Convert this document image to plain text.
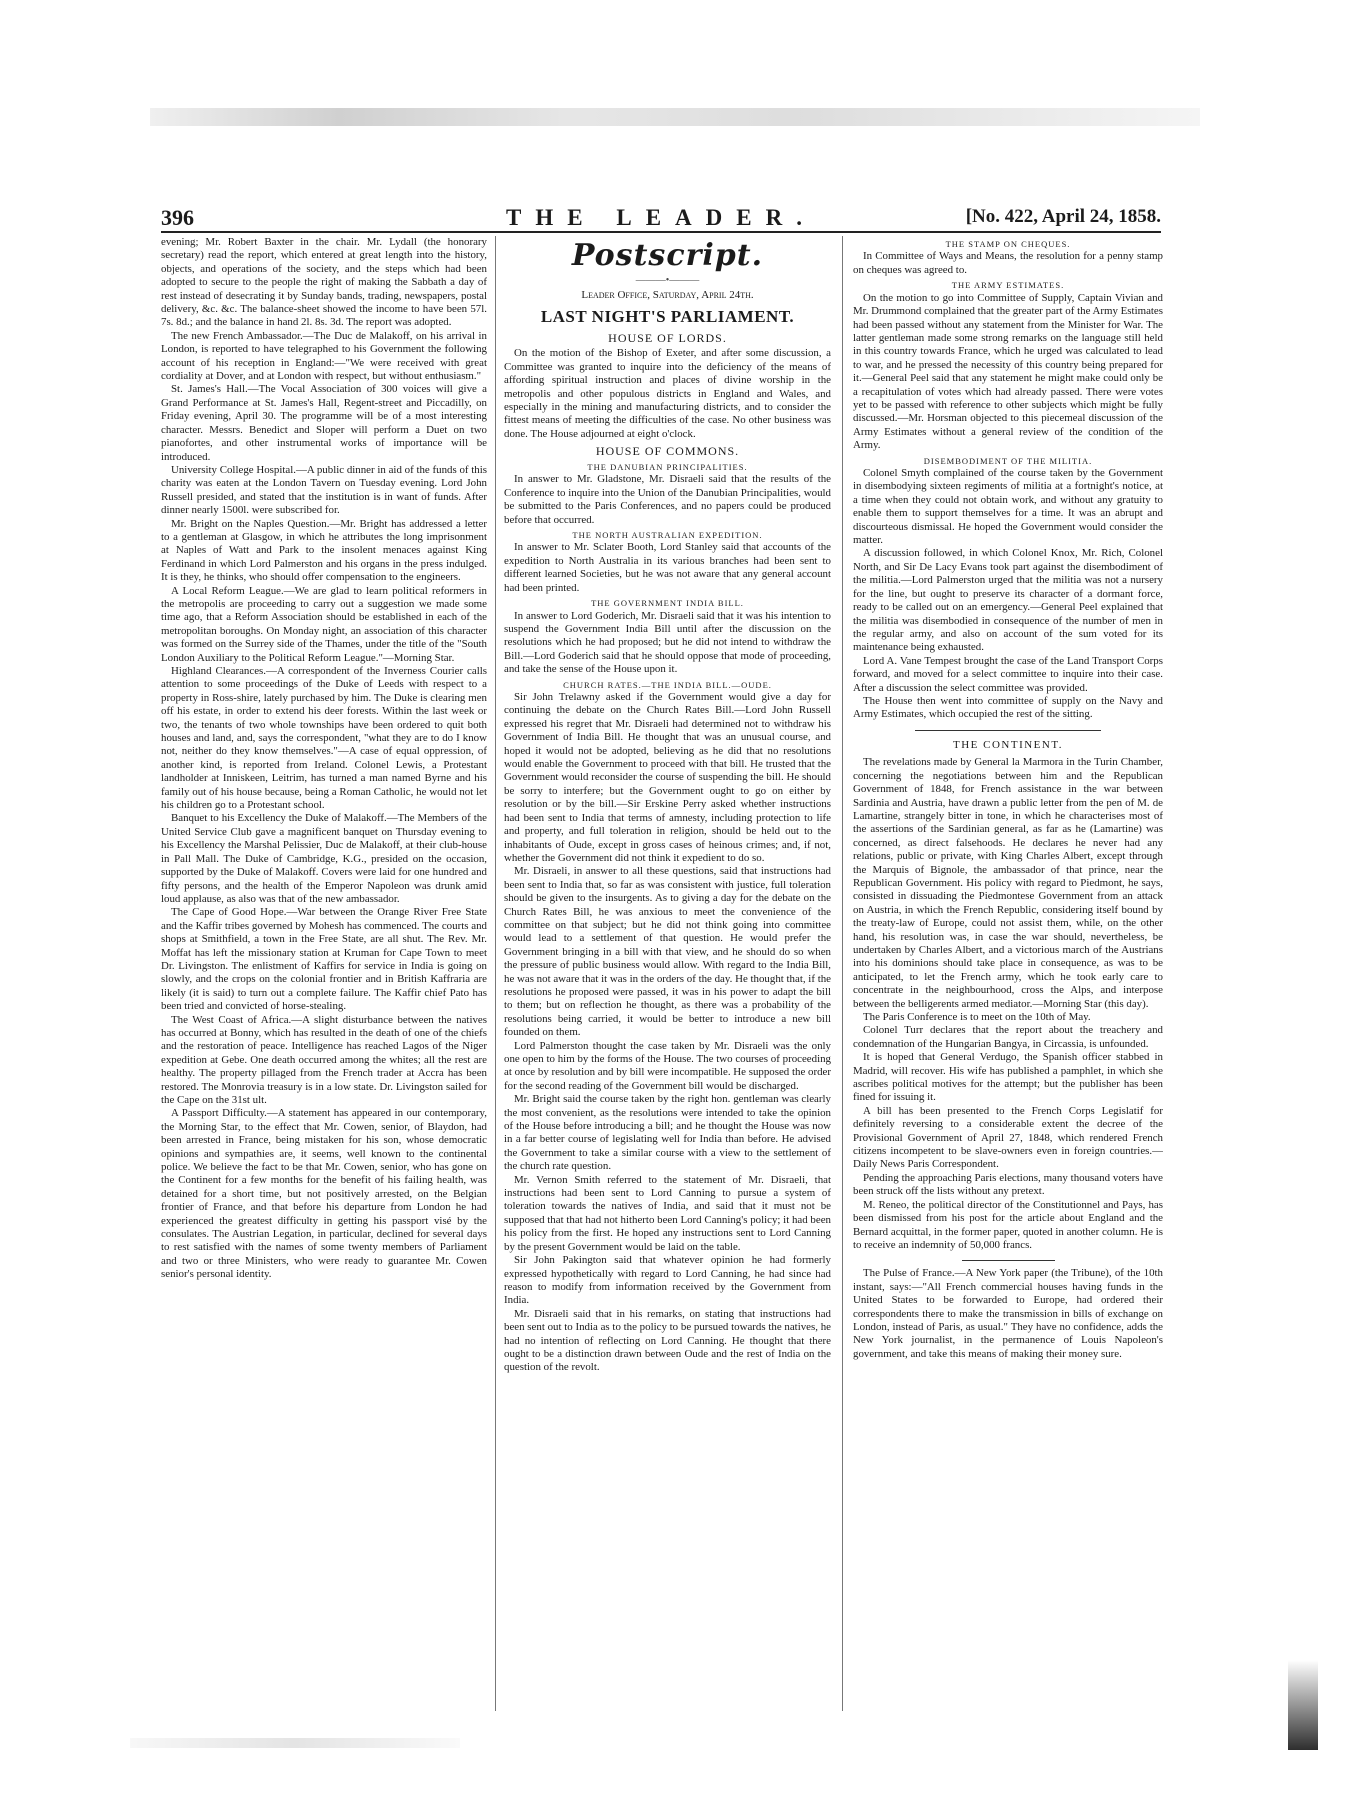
396	THE LEADER.	[No. 422, April 24, 1858.

evening; Mr. Robert Baxter in the chair. Mr. Lydall (the honorary secretary) read the report, which entered at great length into the history, objects, and operations of the society, and the steps which had been adopted to secure to the people the right of making the Sabbath a day of rest instead of desecrating it by Sunday bands, trading, newspapers, postal delivery, &c. &c. The balance-sheet showed the income to have been 57l. 7s. 8d.; and the balance in hand 2l. 8s. 3d. The report was adopted.

The new French Ambassador.—The Duc de Malakoff, on his arrival in London, is reported to have telegraphed to his Government the following account of his reception in England:—"We were received with great cordiality at Dover, and at London with respect, but without enthusiasm."

St. James's Hall.—The Vocal Association of 300 voices will give a Grand Performance at St. James's Hall, Regent-street and Piccadilly, on Friday evening, April 30. The programme will be of a most interesting character. Messrs. Benedict and Sloper will perform a Duet on two pianofortes, and other instrumental works of importance will be introduced.

University College Hospital.—A public dinner in aid of the funds of this charity was eaten at the London Tavern on Tuesday evening. Lord John Russell presided, and stated that the institution is in want of funds. After dinner nearly 1500l. were subscribed for.

Mr. Bright on the Naples Question.—Mr. Bright has addressed a letter to a gentleman at Glasgow, in which he attributes the long imprisonment at Naples of Watt and Park to the insolent menaces against King Ferdinand in which Lord Palmerston and his organs in the press indulged. It is they, he thinks, who should offer compensation to the engineers.

A Local Reform League.—We are glad to learn political reformers in the metropolis are proceeding to carry out a suggestion we made some time ago, that a Reform Association should be established in each of the metropolitan boroughs. On Monday night, an association of this character was formed on the Surrey side of the Thames, under the title of the "South London Auxiliary to the Political Reform League."—Morning Star.

Highland Clearances.—A correspondent of the Inverness Courier calls attention to some proceedings of the Duke of Leeds with respect to a property in Ross-shire, lately purchased by him. The Duke is clearing men off his estate, in order to extend his deer forests. Within the last week or two, the tenants of two whole townships have been ordered to quit both houses and land, and, says the correspondent, "what they are to do I know not, neither do they know themselves."—A case of equal oppression, of another kind, is reported from Ireland. Colonel Lewis, a Protestant landholder at Inniskeen, Leitrim, has turned a man named Byrne and his family out of his house because, being a Roman Catholic, he would not let his children go to a Protestant school.

Banquet to his Excellency the Duke of Malakoff.—The Members of the United Service Club gave a magnificent banquet on Thursday evening to his Excellency the Marshal Pelissier, Duc de Malakoff, at their club-house in Pall Mall. The Duke of Cambridge, K.G., presided on the occasion, supported by the Duke of Malakoff. Covers were laid for one hundred and fifty persons, and the health of the Emperor Napoleon was drunk amid loud applause, as also was that of the new ambassador.

The Cape of Good Hope.—War between the Orange River Free State and the Kaffir tribes governed by Mohesh has commenced. The courts and shops at Smithfield, a town in the Free State, are all shut. The Rev. Mr. Moffat has left the missionary station at Kruman for Cape Town to meet Dr. Livingston. The enlistment of Kaffirs for service in India is going on slowly, and the crops on the colonial frontier and in British Kaffraria are likely (it is said) to turn out a complete failure. The Kaffir chief Pato has been tried and convicted of horse-stealing.

The West Coast of Africa.—A slight disturbance between the natives has occurred at Bonny, which has resulted in the death of one of the chiefs and the restoration of peace. Intelligence has reached Lagos of the Niger expedition at Gebe. One death occurred among the whites; all the rest are healthy. The property pillaged from the French trader at Accra has been restored. The Monrovia treasury is in a low state. Dr. Livingston sailed for the Cape on the 31st ult.

A Passport Difficulty.—A statement has appeared in our contemporary, the Morning Star, to the effect that Mr. Cowen, senior, of Blaydon, had been arrested in France, being mistaken for his son, whose democratic opinions and sympathies are, it seems, well known to the continental police. We believe the fact to be that Mr. Cowen, senior, who has gone on the Continent for a few months for the benefit of his failing health, was detained for a short time, but not positively arrested, on the Belgian frontier of France, and that before his departure from London he had experienced the greatest difficulty in getting his passport visé by the consulates. The Austrian Legation, in particular, declined for several days to rest satisfied with the names of some twenty members of Parliament and two or three Ministers, who were ready to guarantee Mr. Cowen senior's personal identity.

Postscript.
———•———
Leader Office, Saturday, April 24th.
LAST NIGHT'S PARLIAMENT.
HOUSE OF LORDS.

On the motion of the Bishop of Exeter, and after some discussion, a Committee was granted to inquire into the deficiency of the means of affording spiritual instruction and places of divine worship in the metropolis and other populous districts in England and Wales, and especially in the mining and manufacturing districts, and to consider the fittest means of meeting the difficulties of the case. No other business was done. The House adjourned at eight o'clock.

HOUSE OF COMMONS.
THE DANUBIAN PRINCIPALITIES.

In answer to Mr. Gladstone, Mr. Disraeli said that the results of the Conference to inquire into the Union of the Danubian Principalities, would be submitted to the Paris Conferences, and no papers could be produced before that occurred.

THE NORTH AUSTRALIAN EXPEDITION.

In answer to Mr. Sclater Booth, Lord Stanley said that accounts of the expedition to North Australia in its various branches had been sent to different learned Societies, but he was not aware that any general account had been printed.

THE GOVERNMENT INDIA BILL.

In answer to Lord Goderich, Mr. Disraeli said that it was his intention to suspend the Government India Bill until after the discussion on the resolutions which he had proposed; but he did not intend to withdraw the Bill.—Lord Goderich said that he should oppose that mode of proceeding, and take the sense of the House upon it.

CHURCH RATES.—THE INDIA BILL.—OUDE.

Sir John Trelawny asked if the Government would give a day for continuing the debate on the Church Rates Bill.—Lord John Russell expressed his regret that Mr. Disraeli had determined not to withdraw his Government of India Bill. He thought that was an unusual course, and hoped it would not be adopted, believing as he did that no resolutions would enable the Government to proceed with that bill. He trusted that the Government would reconsider the course of suspending the bill. He should be sorry to interfere; but the Government ought to go on either by resolution or by the bill.—Sir Erskine Perry asked whether instructions had been sent to India that terms of amnesty, including protection to life and property, and full toleration in religion, should be held out to the inhabitants of Oude, except in gross cases of heinous crimes; and, if not, whether the Government did not think it expedient to do so.

Mr. Disraeli, in answer to all these questions, said that instructions had been sent to India that, so far as was consistent with justice, full toleration should be given to the insurgents. As to giving a day for the debate on the Church Rates Bill, he was anxious to meet the convenience of the committee on that subject; but he did not think going into committee would lead to a settlement of that question. He would prefer the Government bringing in a bill with that view, and he should do so when the pressure of public business would allow. With regard to the India Bill, he was not aware that it was in the orders of the day. He thought that, if the resolutions he proposed were passed, it was in his power to adapt the bill to them; but on reflection he thought, as there was a probability of the resolutions being carried, it would be better to introduce a new bill founded on them.

Lord Palmerston thought the case taken by Mr. Disraeli was the only one open to him by the forms of the House. The two courses of proceeding at once by resolution and by bill were incompatible. He supposed the order for the second reading of the Government bill would be discharged.

Mr. Bright said the course taken by the right hon. gentleman was clearly the most convenient, as the resolutions were intended to take the opinion of the House before introducing a bill; and he thought the House was now in a far better course of legislating well for India than before. He advised the Government to take a similar course with a view to the settlement of the church rate question.

Mr. Vernon Smith referred to the statement of Mr. Disraeli, that instructions had been sent to Lord Canning to pursue a system of toleration towards the natives of India, and said that it must not be supposed that that had not hitherto been Lord Canning's policy; it had been his policy from the first. He hoped any instructions sent to Lord Canning by the present Government would be laid on the table.

Sir John Pakington said that whatever opinion he had formerly expressed hypothetically with regard to Lord Canning, he had since had reason to modify from information received by the Government from India.

Mr. Disraeli said that in his remarks, on stating that instructions had been sent out to India as to the policy to be pursued towards the natives, he had no intention of reflecting on Lord Canning. He thought that there ought to be a distinction drawn between Oude and the rest of India on the question of the revolt.

THE STAMP ON CHEQUES.

In Committee of Ways and Means, the resolution for a penny stamp on cheques was agreed to.

THE ARMY ESTIMATES.

On the motion to go into Committee of Supply, Captain Vivian and Mr. Drummond complained that the greater part of the Army Estimates had been passed without any statement from the Minister for War. The latter gentleman made some strong remarks on the language still held in this country towards France, which he urged was calculated to lead to war, and he pressed the necessity of this country being prepared for it.—General Peel said that any statement he might make could only be a recapitulation of votes which had already passed. There were votes yet to be passed with reference to other subjects which might be fully discussed.—Mr. Horsman objected to this piecemeal discussion of the Army Estimates without a general review of the condition of the Army.

DISEMBODIMENT OF THE MILITIA.

Colonel Smyth complained of the course taken by the Government in disembodying sixteen regiments of militia at a fortnight's notice, at a time when they could not obtain work, and without any gratuity to enable them to support themselves for a time. It was an abrupt and discourteous dismissal. He hoped the Government would consider the matter.

A discussion followed, in which Colonel Knox, Mr. Rich, Colonel North, and Sir De Lacy Evans took part against the disembodiment of the militia.—Lord Palmerston urged that the militia was not a nursery for the line, but ought to preserve its character of a dormant force, ready to be called out on an emergency.—General Peel explained that the militia was disembodied in consequence of the number of men in the regular army, and also on account of the sum voted for its maintenance being exhausted.

Lord A. Vane Tempest brought the case of the Land Transport Corps forward, and moved for a select committee to inquire into their case. After a discussion the select committee was provided.

The House then went into committee of supply on the Navy and Army Estimates, which occupied the rest of the sitting.

THE CONTINENT.

The revelations made by General la Marmora in the Turin Chamber, concerning the negotiations between him and the Republican Government of 1848, for French assistance in the war between Sardinia and Austria, have drawn a public letter from the pen of M. de Lamartine, strangely bitter in tone, in which he characterises most of the assertions of the Sardinian general, as far as he (Lamartine) was concerned, as direct falsehoods. He declares he never had any relations, public or private, with King Charles Albert, except through the Marquis of Bignole, the ambassador of that prince, near the Republican Government. His policy with regard to Piedmont, he says, consisted in dissuading the Piedmontese Government from an attack on Austria, in which the French Republic, considering itself bound by the treaty-law of Europe, could not assist them, while, on the other hand, his resolution was, in case the war should, nevertheless, be undertaken by Charles Albert, and a victorious march of the Austrians into his dominions should take place in consequence, as was to be anticipated, to let the French army, which he took early care to concentrate in the neighbourhood, cross the Alps, and interpose between the belligerents armed mediator.—Morning Star (this day).

The Paris Conference is to meet on the 10th of May.

Colonel Turr declares that the report about the treachery and condemnation of the Hungarian Bangya, in Circassia, is unfounded.

It is hoped that General Verdugo, the Spanish officer stabbed in Madrid, will recover. His wife has published a pamphlet, in which she ascribes political motives for the attempt; but the publisher has been fined for issuing it.

A bill has been presented to the French Corps Legislatif for definitely reversing to a considerable extent the decree of the Provisional Government of April 27, 1848, which rendered French citizens incompetent to be slave-owners even in foreign countries.—Daily News Paris Correspondent.

Pending the approaching Paris elections, many thousand voters have been struck off the lists without any pretext.

M. Reneo, the political director of the Constitutionnel and Pays, has been dismissed from his post for the article about England and the Bernard acquittal, in the former paper, quoted in another column. He is to receive an indemnity of 50,000 francs.

The Pulse of France.—A New York paper (the Tribune), of the 10th instant, says:—"All French commercial houses having funds in the United States to be forwarded to Europe, had ordered their correspondents there to make the transmission in bills of exchange on London, instead of Paris, as usual." They have no confidence, adds the New York journalist, in the permanence of Louis Napoleon's government, and take this means of making their money sure.
